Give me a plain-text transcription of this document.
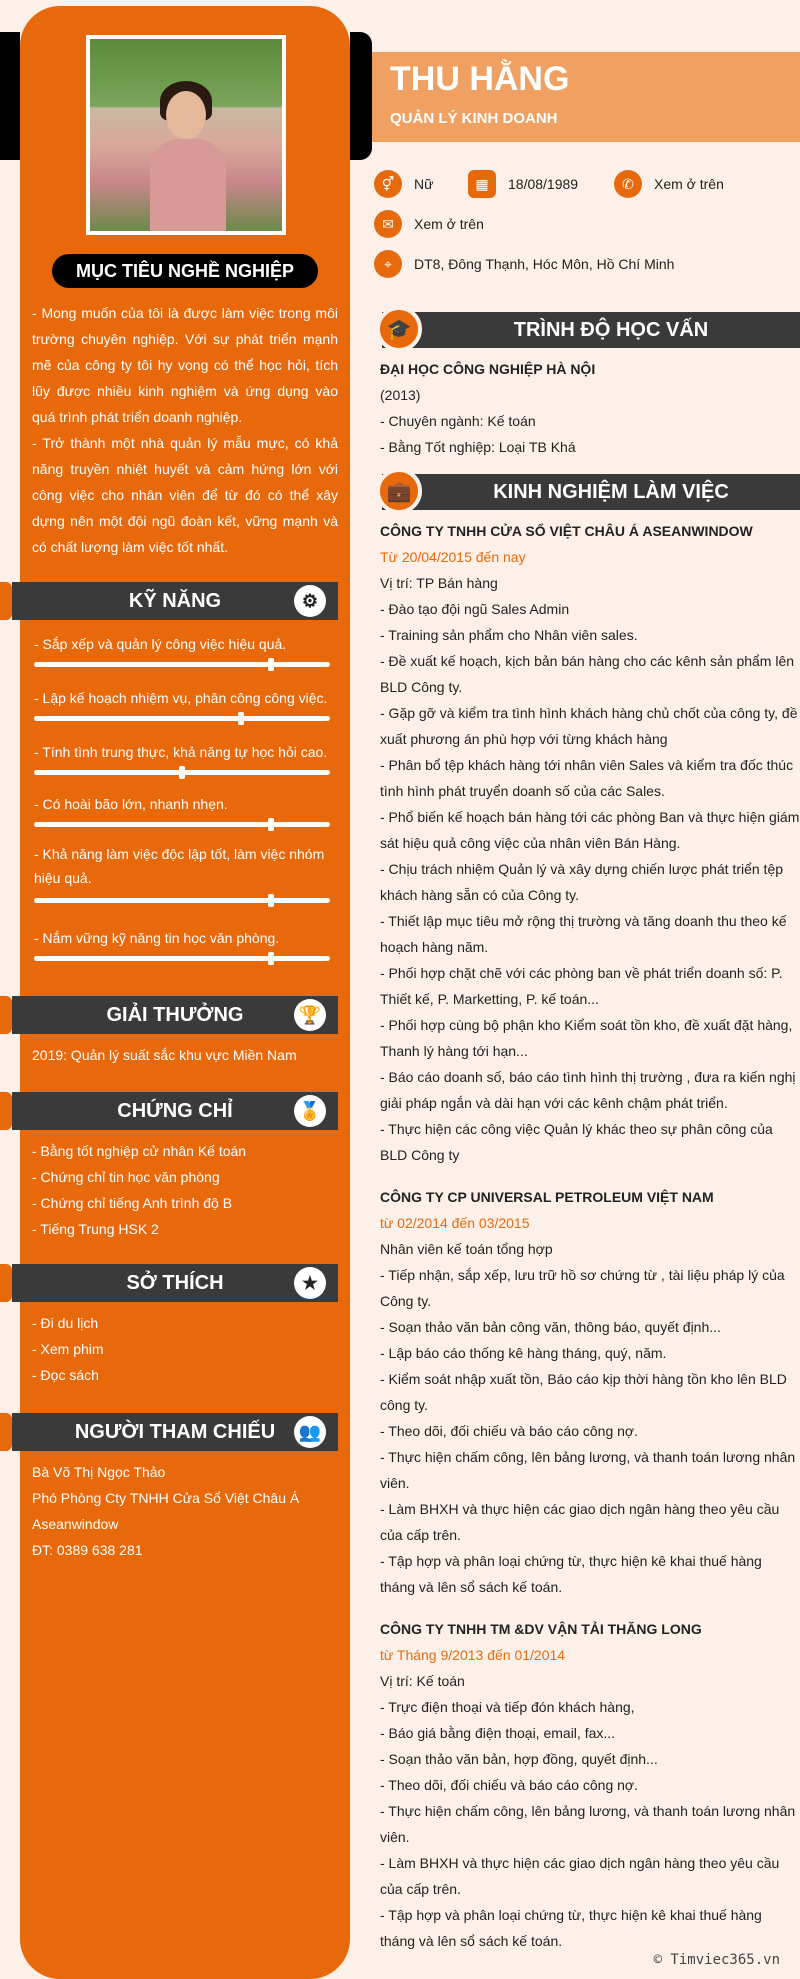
MỤC TIÊU NGHỀ NGHIỆP
- Mong muốn của tôi là được làm việc trong môi trường chuyên nghiệp. Với sự phát triển mạnh mẽ của công ty tôi hy vọng có thể học hỏi, tích lũy được nhiều kinh nghiệm và ứng dụng vào quá trình phát triển doanh nghiệp.
- Trở thành một nhà quản lý mẫu mực, có khả năng truyền nhiệt huyết và cảm hứng lớn với công việc cho nhân viên để từ đó có thể xây dựng nên một đội ngũ đoàn kết, vững mạnh và có chất lượng làm việc tốt nhất.
KỸ NĂNG	⚙
- Sắp xếp và quản lý công việc hiệu quả.
- Lập kế hoạch nhiệm vụ, phân công công việc.
- Tính tình trung thực, khả năng tự học hỏi cao.
- Có hoài bão lớn, nhanh nhẹn.
- Khả năng làm việc độc lập tốt, làm việc nhóm hiệu quả.
- Nắm vững kỹ năng tin học văn phòng.
GIẢI THƯỞNG	🏆
2019: Quản lý suất sắc khu vực Miền Nam
CHỨNG CHỈ	🏅
- Bằng tốt nghiệp cử nhân Kế toán
- Chứng chỉ tin học văn phòng
- Chứng chỉ tiếng Anh trình độ B
- Tiếng Trung HSK 2
SỞ THÍCH	★
- Đi du lịch
- Xem phim
- Đọc sách
NGƯỜI THAM CHIẾU 👥
Bà Võ Thị Ngọc Thảo
Phó Phòng Cty TNHH Cửa Sổ Việt Châu Á Aseanwindow
ĐT: 0389 638 281
THU HẰNG
QUẢN LÝ KINH DOANH
⚥	Nữ	▦	18/08/1989	✆	Xem ở trên
✉	Xem ở trên
⌖	DT8, Đông Thạnh, Hóc Môn, Hồ Chí Minh
TRÌNH ĐỘ HỌC VẤN
🎓
ĐẠI HỌC CÔNG NGHIỆP HÀ NỘI
(2013)
- Chuyên ngành: Kế toán
- Bằng Tốt nghiệp: Loại TB Khá
KINH NGHIỆM LÀM VIỆC
💼
CÔNG TY TNHH CỬA SỔ VIỆT CHÂU Á ASEANWINDOW
Từ 20/04/2015 đến nay
Vị trí: TP Bán hàng
- Đào tạo đội ngũ Sales Admin
- Training sản phẩm cho Nhân viên sales.
- Đề xuất kế hoạch, kịch bản bán hàng cho các kênh sản phẩm lên BLD Công ty.
- Gặp gỡ và kiểm tra tình hình khách hàng chủ chốt của công ty, đề xuất phương án phù hợp với từng khách hàng
- Phân bổ tệp khách hàng tới nhân viên Sales và kiểm tra đốc thúc tình hình phát truyển doanh số của các Sales.
- Phổ biến kế hoạch bán hàng tới các phòng Ban và thực hiện giám sát hiệu quả công việc của nhân viên Bán Hàng.
- Chịu trách nhiệm Quản lý và xây dựng chiến lược phát triển tệp khách hàng sẵn có của Công ty.
- Thiết lập mục tiêu mở rộng thị trường và tăng doanh thu theo kế hoạch hàng năm.
- Phối hợp chặt chẽ với các phòng ban về phát triển doanh số: P. Thiết kế, P. Marketting, P. kế toán...
- Phối hợp cùng bộ phận kho Kiểm soát tồn kho, đề xuất đặt hàng, Thanh lý hàng tới hạn...
- Báo cáo doanh số, báo cáo tình hình thị trường , đưa ra kiến nghị giải pháp ngắn và dài hạn với các kênh chậm phát triển.
- Thực hiện các công việc Quản lý khác theo sự phân công của BLD Công ty
CÔNG TY CP UNIVERSAL PETROLEUM VIỆT NAM
từ 02/2014 đến 03/2015
Nhân viên kế toán tổng hợp
- Tiếp nhận, sắp xếp, lưu trữ hồ sơ chứng từ , tài liệu pháp lý của Công ty.
- Soạn thảo văn bản công văn, thông báo, quyết định...
- Lập báo cáo thống kê hàng tháng, quý, năm.
- Kiểm soát nhập xuất tồn, Báo cáo kịp thời hàng tồn kho lên BLD công ty.
- Theo dõi, đối chiếu và báo cáo công nợ.
- Thực hiện chấm công, lên bảng lương, và thanh toán lương nhân viên.
- Làm BHXH và thực hiện các giao dịch ngân hàng theo yêu cầu của cấp trên.
- Tập hợp và phân loại chứng từ, thực hiện kê khai thuế hàng tháng và lên sổ sách kế toán.
CÔNG TY TNHH TM &DV VẬN TẢI THĂNG LONG
từ Tháng 9/2013 đến 01/2014
Vị trí: Kế toán
- Trực điện thoại và tiếp đón khách hàng,
- Báo giá bằng điện thoại, email, fax...
- Soạn thảo văn bản, hợp đồng, quyết định...
- Theo dõi, đối chiếu và báo cáo công nợ.
- Thực hiện chấm công, lên bảng lương, và thanh toán lương nhân viên.
- Làm BHXH và thực hiện các giao dịch ngân hàng theo yêu cầu của cấp trên.
- Tập hợp và phân loại chứng từ, thực hiện kê khai thuế hàng tháng và lên sổ sách kế toán.
© Timviec365.vn
